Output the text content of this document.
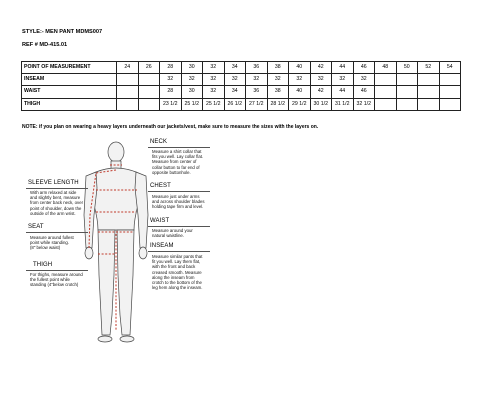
STYLE:- MEN PANT MDMS007
REF # MD-415.01
POINT OF MEASUREMENT	24	26	28	30	32	34	36	38	40	42	44	46	48	50	52	54
INSEAM			32	32	32	32	32	32	32	32	32	32				
WAIST			28	30	32	34	36	38	40	42	44	46				
THIGH			23 1/2	25 1/2	25 1/2	26 1/2	27 1/2	28 1/2	29 1/2	30 1/2	31 1/2	32 1/2				
NOTE: if you plan on wearing a heavy layers underneath our jackets/vest, make sure to measure the sizes with the layers on.
NECK
Measure a shirt collar that
fits you well. Lay collar flat.
Measure from center of
collar button to far end of
opposite buttonhole.
CHEST
Measure just under arms
and across shoulder blades
holding tape firm and level.
WAIST
Measure around your
natural waistline.
INSEAM
Measure similar pants that
fit you well. Lay them flat,
with the front and back
creased smooth. Measure
along the inseam from
crotch to the bottom of the
leg hem along the inseam.
SLEEVE LENGTH
With arm relaxed at side
and slightly bent, measure
from center back neck, over
point of shoulder, down the
outside of the arm wrist.
SEAT
Measure around fullest
point while standing.
(8" below waist)
THIGH
For thighs, measure around
the fullest point while
standing (4"below crotch)
